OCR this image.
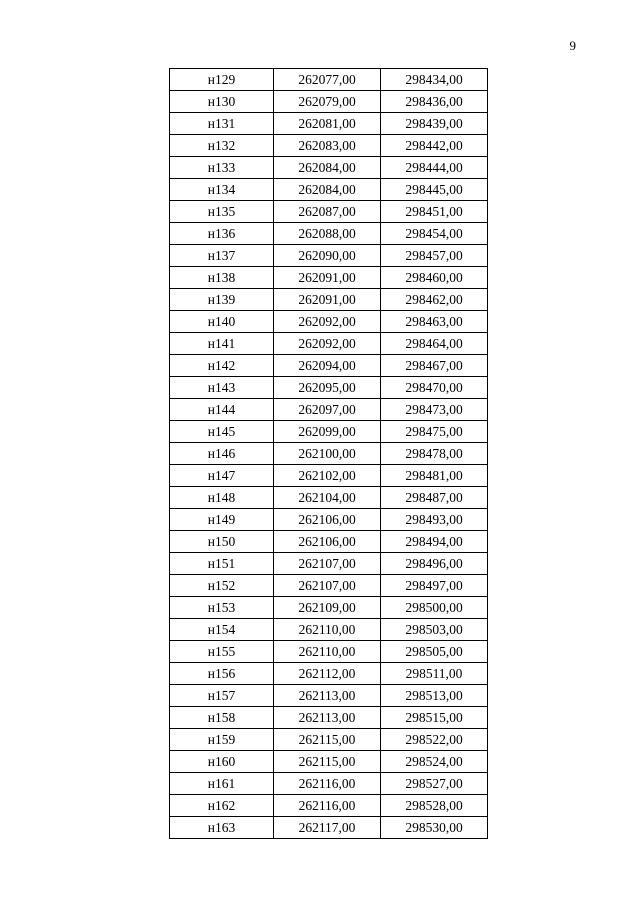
9
н129	262077,00	298434,00
н130	262079,00	298436,00
н131	262081,00	298439,00
н132	262083,00	298442,00
н133	262084,00	298444,00
н134	262084,00	298445,00
н135	262087,00	298451,00
н136	262088,00	298454,00
н137	262090,00	298457,00
н138	262091,00	298460,00
н139	262091,00	298462,00
н140	262092,00	298463,00
н141	262092,00	298464,00
н142	262094,00	298467,00
н143	262095,00	298470,00
н144	262097,00	298473,00
н145	262099,00	298475,00
н146	262100,00	298478,00
н147	262102,00	298481,00
н148	262104,00	298487,00
н149	262106,00	298493,00
н150	262106,00	298494,00
н151	262107,00	298496,00
н152	262107,00	298497,00
н153	262109,00	298500,00
н154	262110,00	298503,00
н155	262110,00	298505,00
н156	262112,00	298511,00
н157	262113,00	298513,00
н158	262113,00	298515,00
н159	262115,00	298522,00
н160	262115,00	298524,00
н161	262116,00	298527,00
н162	262116,00	298528,00
н163	262117,00	298530,00
